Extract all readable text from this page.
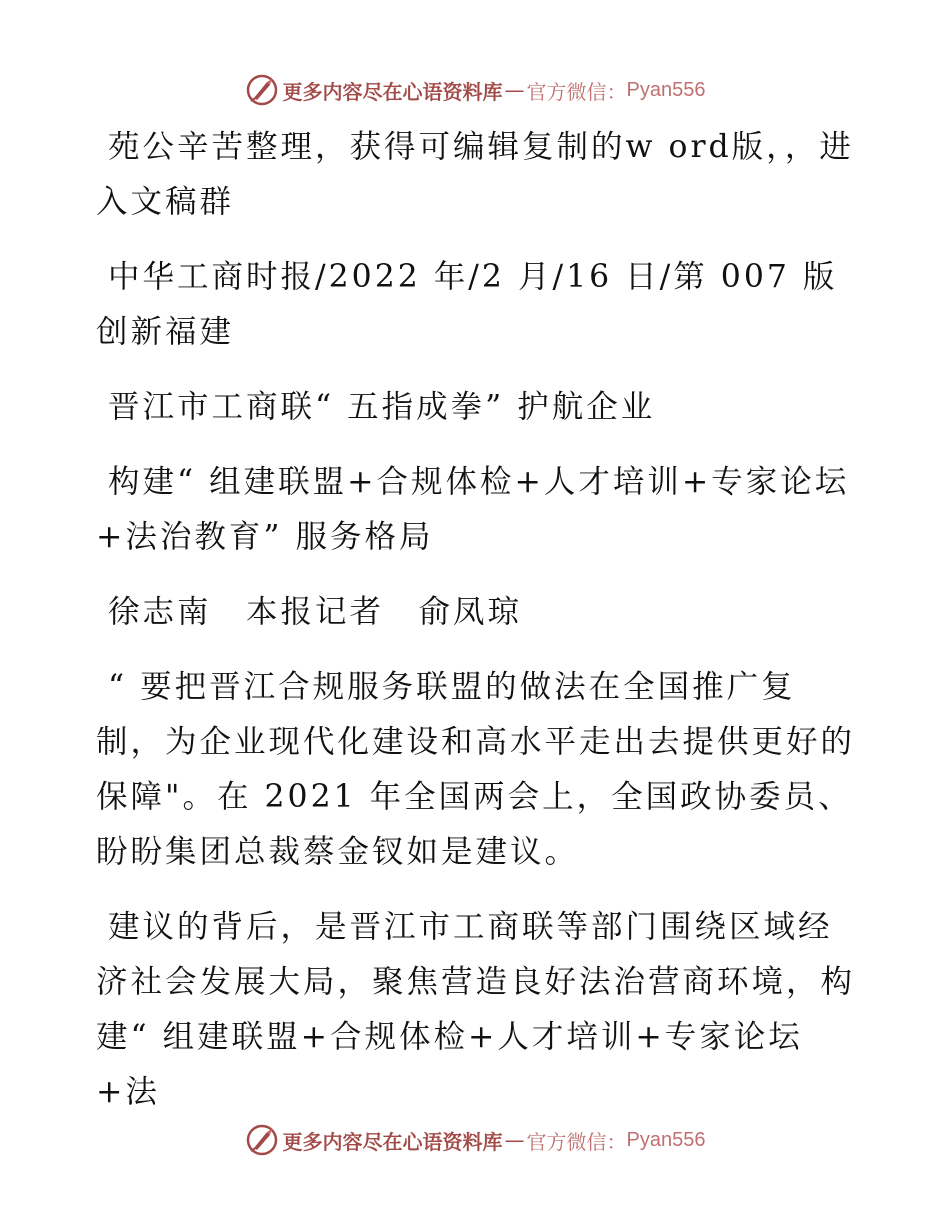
更多内容尽在心语资料库 — 官方微信： Pyan556

苑公辛苦整理，获得可编辑复制的w ord版，，进入文稿群

中华工商时报/2022 年/2 月/16 日/第 007 版创新福建

晋江市工商联“ 五指成拳” 护航企业

构建“ 组建联盟+合规体检+人才培训+专家论坛+法治教育” 服务格局

徐志南　本报记者　俞凤琼

“ 要把晋江合规服务联盟的做法在全国推广复制，为企业现代化建设和高水平走出去提供更好的保障"。在 2021 年全国两会上，全国政协委员、盼盼集团总裁蔡金钗如是建议。

建议的背后，是晋江市工商联等部门围绕区域经济社会发展大局，聚焦营造良好法治营商环境，构建“ 组建联盟+合规体检+人才培训+专家论坛+法

更多内容尽在心语资料库 — 官方微信： Pyan556
